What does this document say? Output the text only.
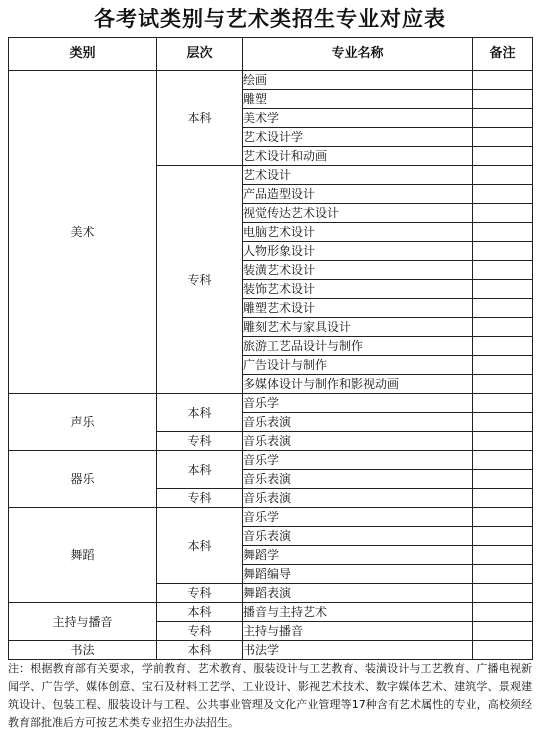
各考试类别与艺术类招生专业对应表
类别	层次	专业名称	备注
美术	本科	绘画	
		雕塑	
		美术学	
		艺术设计学	
		艺术设计和动画	
	专科	艺术设计	
		产品造型设计	
		视觉传达艺术设计	
		电脑艺术设计	
		人物形象设计	
		装潢艺术设计	
		装饰艺术设计	
		雕塑艺术设计	
		雕刻艺术与家具设计	
		旅游工艺品设计与制作	
		广告设计与制作	
		多媒体设计与制作和影视动画	
声乐	本科	音乐学	
		音乐表演	
	专科	音乐表演	
器乐	本科	音乐学	
		音乐表演	
	专科	音乐表演	
舞蹈	本科	音乐学	
		音乐表演	
		舞蹈学	
		舞蹈编导	
	专科	舞蹈表演	
主持与播音	本科	播音与主持艺术	
	专科	主持与播音	
书法	本科	书法学	
注：根据教育部有关要求，学前教育、艺术教育、服装设计与工艺教育、装潢设计与工艺教育、广播电视新闻学、广告学、媒体创意、宝石及材料工艺学、工业设计、影视艺术技术、数字媒体艺术、建筑学、景观建筑设计、包装工程、服装设计与工程、公共事业管理及文化产业管理等17种含有艺术属性的专业，高校须经教育部批准后方可按艺术类专业招生办法招生。
